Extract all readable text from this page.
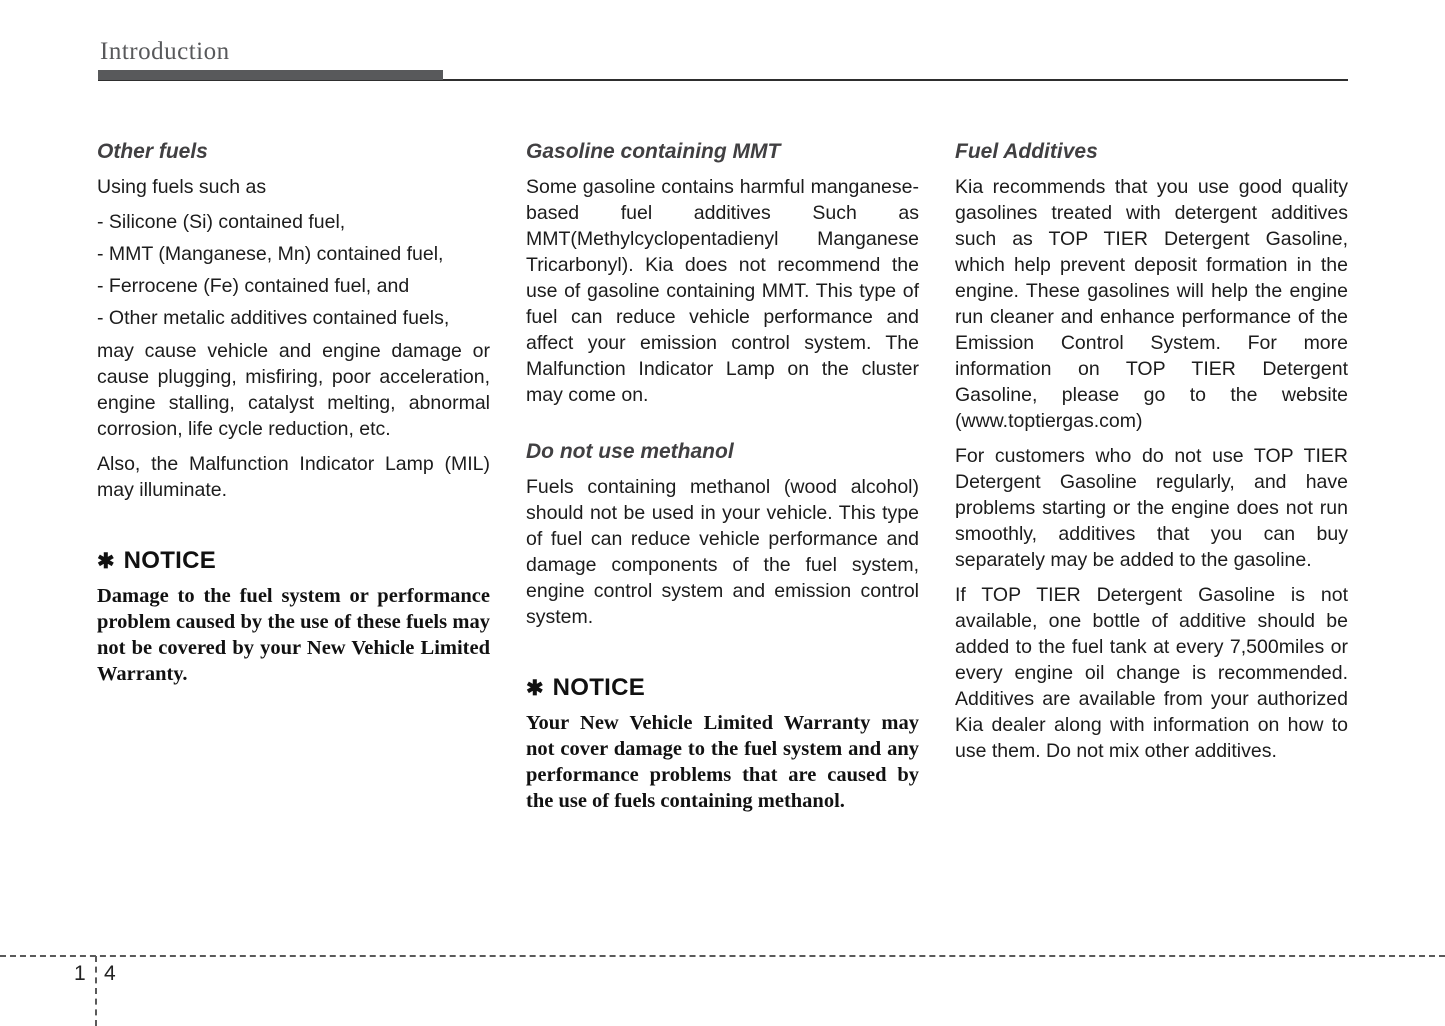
Introduction
Other fuels

Using fuels such as

- Silicone (Si) contained fuel,
- MMT (Manganese, Mn) contained fuel,
- Ferrocene (Fe) contained fuel, and
- Other metalic additives contained fuels,

may cause vehicle and engine damage or cause plugging, misfiring, poor acceleration, engine stalling, catalyst melting, abnormal corrosion, life cycle reduction, etc.

Also, the Malfunction Indicator Lamp (MIL) may illuminate.

✱ NOTICE

Damage to the fuel system or performance problem caused by the use of these fuels may not be covered by your New Vehicle Limited Warranty.

Gasoline containing MMT

Some gasoline contains harmful manganese-based fuel additives Such as MMT(Methylcyclopentadienyl Manganese Tricarbonyl). Kia does not recommend the use of gasoline containing MMT. This type of fuel can reduce vehicle performance and affect your emission control system. The Malfunction Indicator Lamp on the cluster may come on.

Do not use methanol

Fuels containing methanol (wood alcohol) should not be used in your vehicle. This type of fuel can reduce vehicle performance and damage components of the fuel system, engine control system and emission control system.

✱ NOTICE

Your New Vehicle Limited Warranty may not cover damage to the fuel system and any performance problems that are caused by the use of fuels containing methanol.

Fuel Additives

Kia recommends that you use good quality gasolines treated with detergent additives such as TOP TIER Detergent Gasoline, which help prevent deposit formation in the engine. These gasolines will help the engine run cleaner and enhance performance of the Emission Control System. For more information on TOP TIER Detergent Gasoline, please go to the website (www.toptiergas.com)

For customers who do not use TOP TIER Detergent Gasoline regularly, and have problems starting or the engine does not run smoothly, additives that you can buy separately may be added to the gasoline.

If TOP TIER Detergent Gasoline is not available, one bottle of additive should be added to the fuel tank at every 7,500miles or every engine oil change is recommended. Additives are available from your authorized Kia dealer along with information on how to use them. Do not mix other additives.

1 4
